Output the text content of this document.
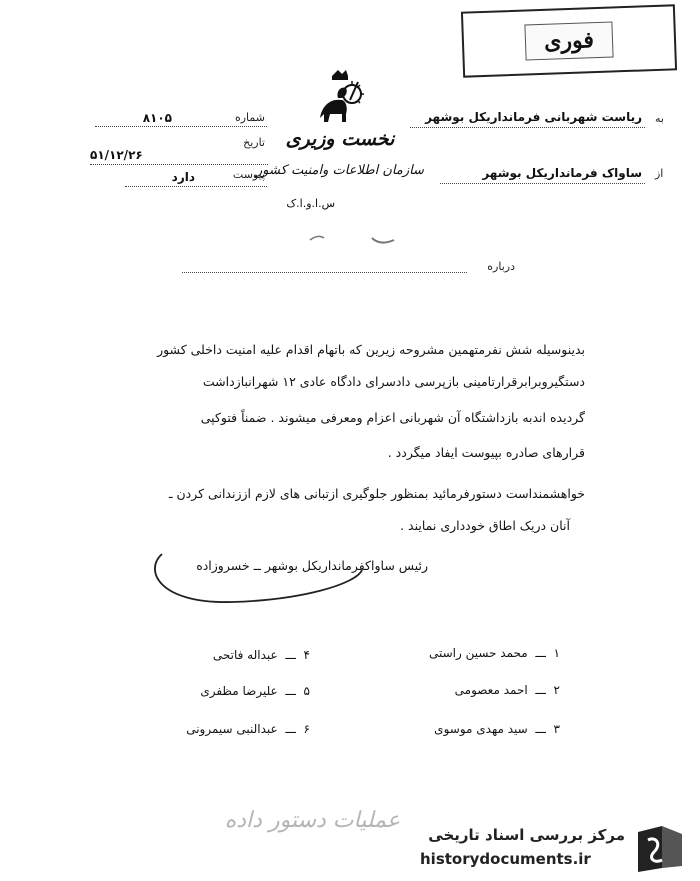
فوری
نخست وزیری
سازمان اطلاعات وامنیت کشور
س.ا.و.ا.ک
به
ریاست شهربانی فرمانداریکل بوشهر
از
ساواک فرمانداریکل بوشهر
شماره
۸۱۰۵
تاریخ
۵۱/۱۲/۲۶
پیوست
دارد
درباره
بدینوسیله شش نفرمتهمین مشروحه زیرین که باتهام اقدام علیه امنیت داخلی کشور
دستگیروبرابرقرارتامینی بازپرسی دادسرای دادگاه عادی ۱۲ شهرانبازداشت
گردیده اندبه بازداشتگاه آن شهربانی اعزام ومعرفی میشوند . ضمناً فتوکپی
قرارهای صادره بپیوست ایفاد میگردد .
خواهشمنداست دستورفرمائید بمنظور جلوگیری ازتبانی های لازم اززندانی کردن ـ
آنان دریک اطاق خودداری نمایند .
رئیس ساواکفرمانداریکل بوشهر ــ خسروزاده
۱  ـــ  محمد حسین راستی
۲  ـــ  احمد معصومی
۳  ـــ  سید مهدی موسوی
۴  ـــ  عبداله فاتحی
۵  ـــ  علیرضا مظفری
۶  ـــ  عبدالنبی سیمرونی
عملیات دستور داده
مرکز بررسی اسناد تاریخی
historydocuments.ir
